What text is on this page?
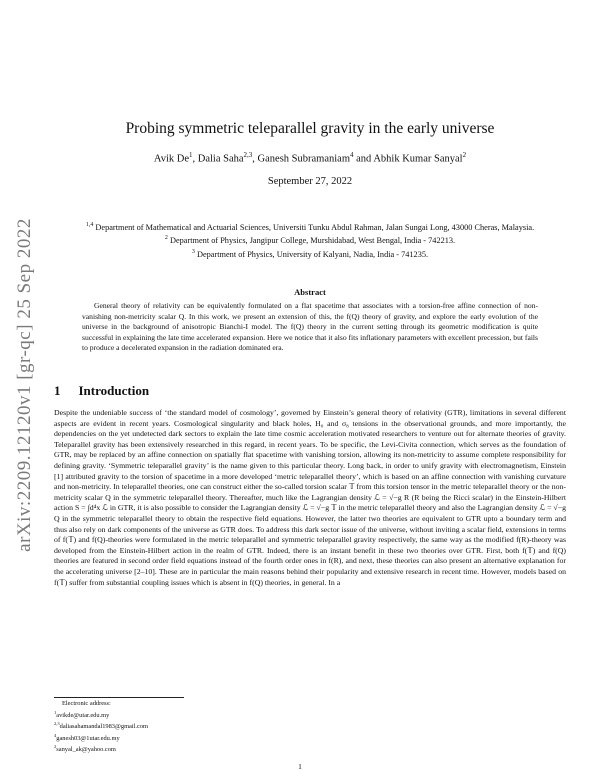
arXiv:2209.12120v1 [gr-qc] 25 Sep 2022
Probing symmetric teleparallel gravity in the early universe
Avik De$^1$, Dalia Saha$^{2,3}$, Ganesh Subramaniam$^4$ and Abhik Kumar Sanyal$^2$
September 27, 2022
$^{1,4}$ Department of Mathematical and Actuarial Sciences, Universiti Tunku Abdul Rahman, Jalan Sungai Long, 43000 Cheras, Malaysia.
$^2$ Department of Physics, Jangipur College, Murshidabad, West Bengal, India - 742213.
$^3$ Department of Physics, University of Kalyani, Nadia, India - 741235.
Abstract
General theory of relativity can be equivalently formulated on a flat spacetime that associates with a torsion-free affine connection of non-vanishing non-metricity scalar Q. In this work, we present an extension of this, the f(Q) theory of gravity, and explore the early evolution of the universe in the background of anisotropic Bianchi-I model. The f(Q) theory in the current setting through its geometric modification is quite successful in explaining the late time accelerated expansion. Here we notice that it also fits inflationary parameters with excellent precession, but fails to produce a decelerated expansion in the radiation dominated era.
1 Introduction
Despite the undeniable success of ‘the standard model of cosmology’, governed by Einstein’s general theory of relativity (GTR), limitations in several different aspects are evident in recent years. Cosmological singularity and black holes, H₀ and σ₈ tensions in the observational grounds, and more importantly, the dependencies on the yet undetected dark sectors to explain the late time cosmic acceleration motivated researchers to venture out for alternate theories of gravity. Teleparallel gravity has been extensively researched in this regard, in recent years. To be specific, the Levi-Civita connection, which serves as the foundation of GTR, may be replaced by an affine connection on spatially flat spacetime with vanishing torsion, allowing its non-metricity to assume complete responsibility for defining gravity. ‘Symmetric teleparallel gravity’ is the name given to this particular theory. Long back, in order to unify gravity with electromagnetism, Einstein [1] attributed gravity to the torsion of spacetime in a more developed ‘metric teleparallel theory’, which is based on an affine connection with vanishing curvature and non-metricity. In teleparallel theories, one can construct either the so-called torsion scalar 𝕋 from this torsion tensor in the metric teleparallel theory or the non-metricity scalar Q in the symmetric teleparallel theory. Thereafter, much like the Lagrangian density ℒ = √−g R (R being the Ricci scalar) in the Einstein-Hilbert action S = ∫d⁴x ℒ in GTR, it is also possible to consider the Lagrangian density ℒ = √−g 𝕋 in the metric teleparallel theory and also the Lagrangian density ℒ = √−g Q in the symmetric teleparallel theory to obtain the respective field equations. However, the latter two theories are equivalent to GTR upto a boundary term and thus also rely on dark components of the universe as GTR does. To address this dark sector issue of the universe, without inviting a scalar field, extensions in terms of f(𝕋) and f(Q)-theories were formulated in the metric teleparallel and symmetric teleparallel gravity respectively, the same way as the modified f(R)-theory was developed from the Einstein-Hilbert action in the realm of GTR. Indeed, there is an instant benefit in these two theories over GTR. First, both f(𝕋) and f(Q) theories are featured in second order field equations instead of the fourth order ones in f(R), and next, these theories can also present an alternative explanation for the accelerating universe [2–10]. These are in particular the main reasons behind their popularity and extensive research in recent time. However, models based on f(𝕋) suffer from substantial coupling issues which is absent in f(Q) theories, in general. In a
Electronic address:
$^1$avikde@utar.edu.my
$^{2,3}$daliasahamandal1983@gmail.com
$^4$ganesh03@1utar.edu.my
$^2$sanyal_ak@yahoo.com
1
